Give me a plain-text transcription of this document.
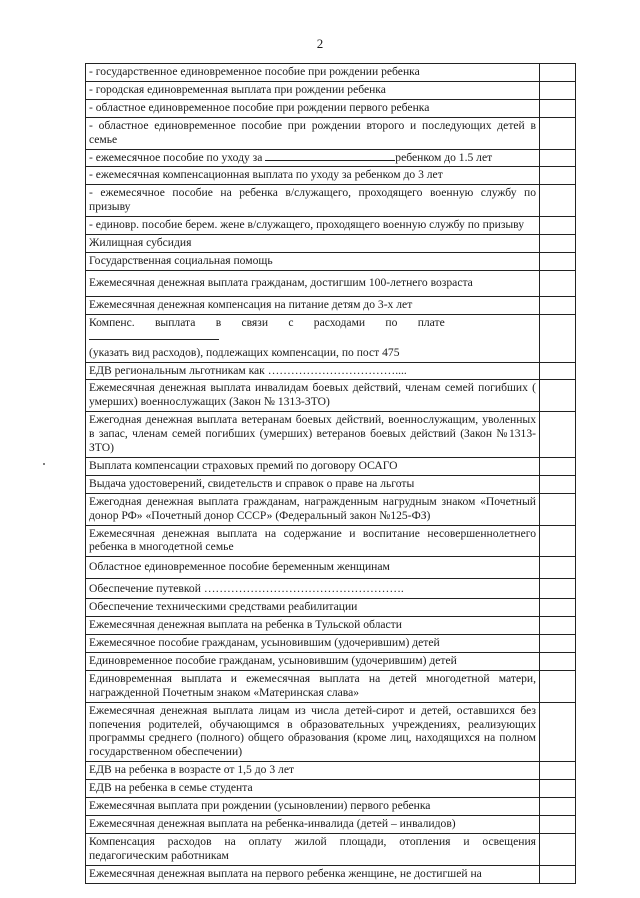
2
- государственное единовременное пособие при рождении ребенка	
- городская единовременная выплата при рождении ребенка	
- областное единовременное пособие при рождении первого ребенка	
- областное единовременное пособие при рождении второго и последующих детей в семье	
- ежемесячное пособие по уходу за ребенком до 1.5 лет	
- ежемесячная компенсационная выплата по уходу за ребенком до 3 лет	
- ежемесячное пособие на ребенка в/служащего, проходящего военную службу по призыву	
- единовр. пособие берем. жене в/служащего, проходящего военную службу по призыву	
Жилищная субсидия	
Государственная социальная помощь	
Ежемесячная денежная выплата гражданам, достигшим 100-летнего возраста	
Ежемесячная денежная компенсация на питание детям до 3-х лет	

Компенс.       выплата       в       связи       с       расходами       по       плате
(указать вид расходов), подлежащих компенсации, по пост 475	

ЕДВ региональным льготникам как ……………………………....	
Ежемесячная денежная выплата инвалидам боевых действий, членам семей погибших ( умерших) военнослужащих (Закон № 1313-ЗТО)	
Ежегодная денежная выплата ветеранам боевых действий, военнослужащим, уволенных в запас, членам семей погибших (умерших) ветеранов боевых действий (Закон №1313-ЗТО)	
Выплата компенсации страховых премий по договору ОСАГО	
Выдача удостоверений, свидетельств и справок о праве на льготы	
Ежегодная денежная выплата гражданам, награжденным нагрудным знаком «Почетный донор РФ» «Почетный донор СССР» (Федеральный закон №125-ФЗ)	
Ежемесячная денежная выплата на содержание и воспитание несовершеннолетнего ребенка в многодетной семье	
Областное единовременное пособие беременным женщинам	
Обеспечение путевкой …………………………………………….	
Обеспечение техническими средствами реабилитации	
Ежемесячная денежная выплата на ребенка в Тульской области	
Ежемесячное пособие гражданам, усыновившим (удочерившим) детей	
Единовременное пособие гражданам, усыновившим (удочерившим) детей	
Единовременная выплата и ежемесячная выплата на детей многодетной матери, награжденной Почетным знаком «Материнская слава»	
Ежемесячная денежная выплата лицам из числа детей-сирот и детей, оставшихся без попечения родителей, обучающимся в образовательных учреждениях, реализующих программы среднего (полного) общего образования (кроме лиц, находящихся на полном государственном обеспечении)	
ЕДВ на ребенка в возрасте от 1,5 до 3 лет	
ЕДВ на ребенка в семье студента	
Ежемесячная выплата при рождении (усыновлении) первого ребенка	
Ежемесячная денежная выплата на ребенка-инвалида (детей – инвалидов)	
Компенсация расходов на оплату жилой площади, отопления и освещения педагогическим работникам	
Ежемесячная денежная выплата на первого ребенка женщине, не достигшей на	
